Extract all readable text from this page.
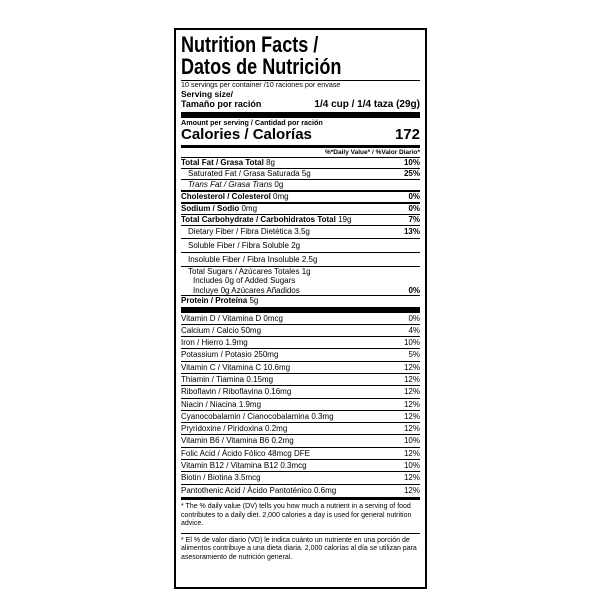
Nutrition Facts /
Datos de Nutrición
10 servings per container /10 raciones por envase
Serving size/
Tamaño por ración	1/4 cup / 1/4 taza (29g)
Amount per serving / Cantidad por ración
Calories / Calorías	172
%*Daily Value* / %Valor Diario*
Total Fat / Grasa Total 8g	10%
Saturated Fat / Grasa Saturada 5g	25%
Trans Fat / Grasa Trans 0g
Cholesterol / Colesterol 0mg	0%
Sodium / Sodio 0mg	0%
Total Carbohydrate / Carbohidratos Total 19g	7%
Dietary Fiber / Fibra Dietética 3.5g	13%
Soluble Fiber / Fibra Soluble 2g
Insoluble Fiber / Fibra Insoluble 2.5g
Total Sugars / Azúcares Totales 1g
Includes 0g of Added Sugars
Incluye 0g Azúcares Añadidos	0%
Protein / Proteína 5g
Vitamin D / Vitamina D 0mcg	0%
Calcium / Calcio 50mg	4%
Iron / Hierro 1.9mg	10%
Potassium / Potasio 250mg	5%
Vitamin C / Vitamina C 10.6mg	12%
Thiamin / Tiamina 0.15mg	12%
Riboflavin / Riboflavina 0.16mg	12%
Niacin / Niacina 1.9mg	12%
Cyanocobalamin / Cianocobalamina 0.3mg	12%
Pryridoxine / Piridoxina 0.2mg	12%
Vitamin B6 / Vitamina B6 0.2mg	10%
Folic Acid / Ácido Fólico 48mcg DFE	12%
Vitamin B12 / Vitamina B12 0.3mcg	10%
Biotin / Biotina 3.5mcg	12%
Pantothenic Acid / Ácido Pantoténico 0.6mg	12%
* The % daily value (DV) tells you how much a nutrient in a serving of food contributes to a daily diet. 2,000 calories a day is used for general nutrition advice.
* El % de valor diario (VD) le indica cuánto un nutriente en una porción de alimentos contribuye a una dieta diaria. 2,000 calorías al día se utilizan para asesoramiento de nutrición general.
